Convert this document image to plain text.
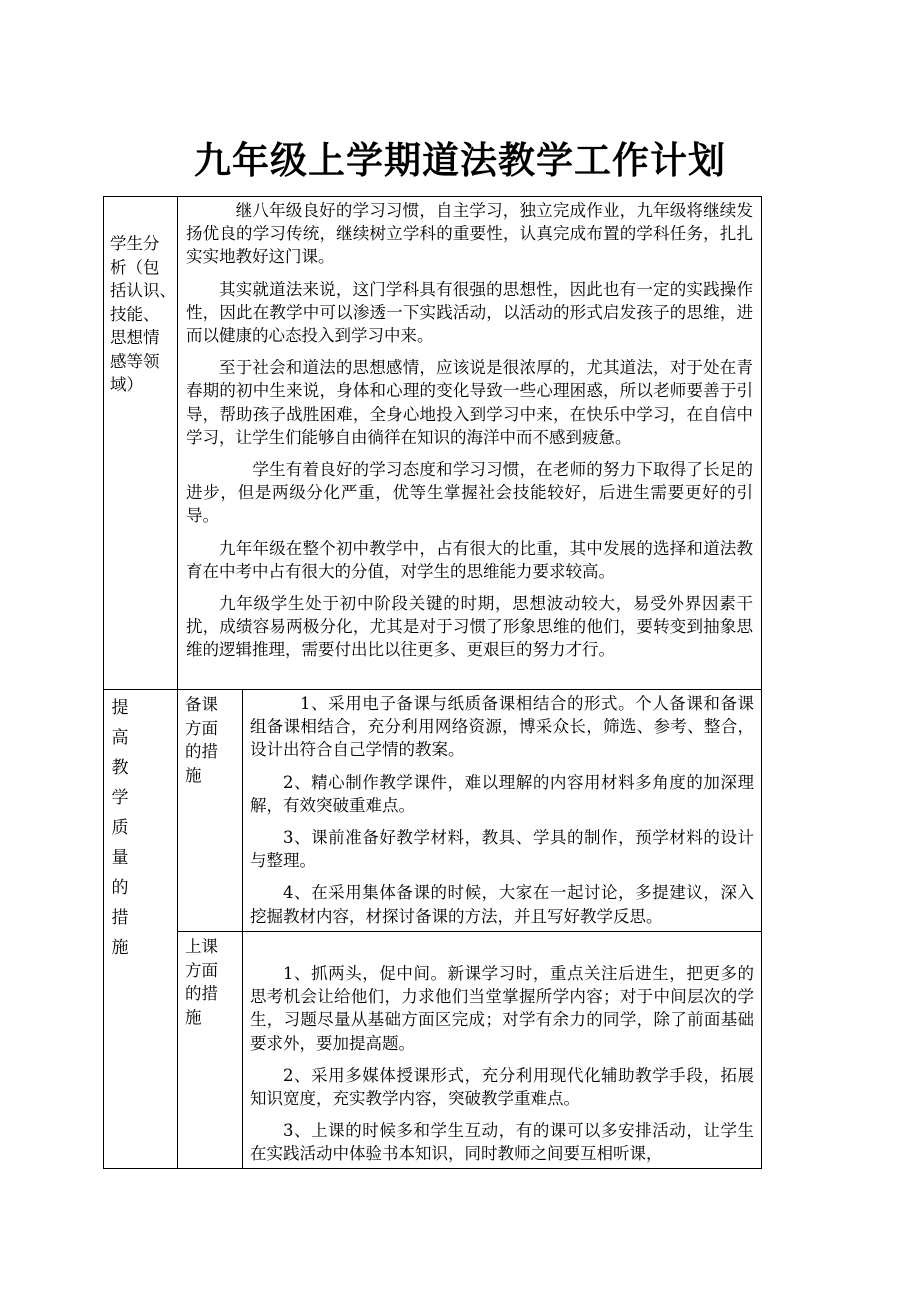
九年级上学期道法教学工作计划
学生分
析（包
括认识、
技能、
思想情
感等领
域）

　继八年级良好的学习习惯，自主学习，独立完成作业，九年级将继续发扬优良的学习传统，继续树立学科的重要性，认真完成布置的学科任务，扎扎实实地教好这门课。

其实就道法来说，这门学科具有很强的思想性，因此也有一定的实践操作性，因此在教学中可以渗透一下实践活动，以活动的形式启发孩子的思维，进而以健康的心态投入到学习中来。

至于社会和道法的思想感情，应该说是很浓厚的，尤其道法，对于处在青春期的初中生来说，身体和心理的变化导致一些心理困惑，所以老师要善于引导，帮助孩子战胜困难，全身心地投入到学习中来，在快乐中学习，在自信中学习，让学生们能够自由徜徉在知识的海洋中而不感到疲惫。

　　学生有着良好的学习态度和学习习惯，在老师的努力下取得了长足的进步，但是两级分化严重，优等生掌握社会技能较好，后进生需要更好的引导。

九年年级在整个初中教学中，占有很大的比重，其中发展的选择和道法教育在中考中占有很大的分值，对学生的思维能力要求较高。

九年级学生处于初中阶段关键的时期，思想波动较大，易受外界因素干扰，成绩容易两极分化，尤其是对于习惯了形象思维的他们，要转变到抽象思维的逻辑推理，需要付出比以往更多、更艰巨的努力才行。

提
高
教
学
质
量
的
措
施
备课
方面
的措
施

　1、采用电子备课与纸质备课相结合的形式。个人备课和备课组备课相结合，充分利用网络资源，博采众长，筛选、参考、整合，设计出符合自己学情的教案。

2、精心制作教学课件，难以理解的内容用材料多角度的加深理解，有效突破重难点。

3、课前准备好教学材料，教具、学具的制作，预学材料的设计与整理。

4、在采用集体备课的时候，大家在一起讨论，多提建议，深入挖掘教材内容，材探讨备课的方法，并且写好教学反思。

上课
方面
的措
施

1、抓两头，促中间。新课学习时，重点关注后进生，把更多的思考机会让给他们，力求他们当堂掌握所学内容；对于中间层次的学生，习题尽量从基础方面区完成；对学有余力的同学，除了前面基础要求外，要加提高题。

2、采用多媒体授课形式，充分利用现代化辅助教学手段，拓展知识宽度，充实教学内容，突破教学重难点。

3、上课的时候多和学生互动，有的课可以多安排活动，让学生在实践活动中体验书本知识，同时教师之间要互相听课，
